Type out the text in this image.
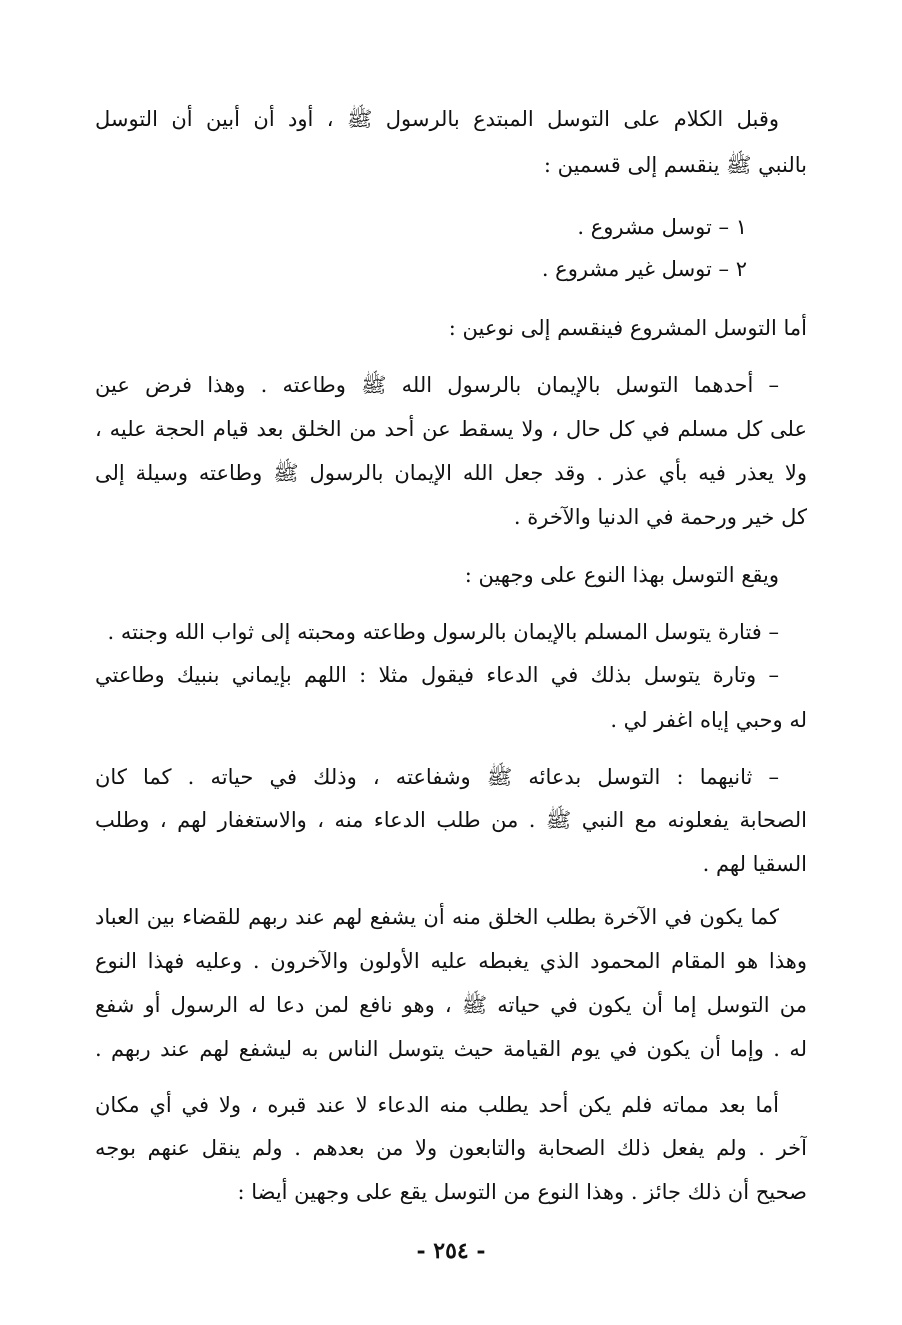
وقبل الكلام على التوسل المبتدع بالرسول ﷺ ، أود أن أبين أن التوسل
بالنبي ﷺ ينقسم إلى قسمين :
١ – توسل مشروع .
٢ – توسل غير مشروع .
أما التوسل المشروع فينقسم إلى نوعين :
– أحدهما التوسل بالإيمان بالرسول الله ﷺ وطاعته . وهذا فرض عين
على كل مسلم في كل حال ، ولا يسقط عن أحد من الخلق بعد قيام الحجة عليه ،
ولا يعذر فيه بأي عذر . وقد جعل الله الإيمان بالرسول ﷺ وطاعته وسيلة إلى
كل خير ورحمة في الدنيا والآخرة .
ويقع التوسل بهذا النوع على وجهين :
– فتارة يتوسل المسلم بالإيمان بالرسول وطاعته ومحبته إلى ثواب الله وجنته .
– وتارة يتوسل بذلك في الدعاء فيقول مثلا : اللهم بإيماني بنبيك وطاعتي
له وحبي إياه اغفر لي .
– ثانيهما : التوسل بدعائه ﷺ وشفاعته ، وذلك في حياته . كما كان
الصحابة يفعلونه مع النبي ﷺ . من طلب الدعاء منه ، والاستغفار لهم ، وطلب
السقيا لهم .
كما يكون في الآخرة بطلب الخلق منه أن يشفع لهم عند ربهم للقضاء بين العباد
وهذا هو المقام المحمود الذي يغبطه عليه الأولون والآخرون . وعليه فهذا النوع
من التوسل إما أن يكون في حياته ﷺ ، وهو نافع لمن دعا له الرسول أو شفع
له . وإما أن يكون في يوم القيامة حيث يتوسل الناس به ليشفع لهم عند ربهم .
أما بعد مماته فلم يكن أحد يطلب منه الدعاء لا عند قبره ، ولا في أي مكان
آخر . ولم يفعل ذلك الصحابة والتابعون ولا من بعدهم . ولم ينقل عنهم بوجه
صحيح أن ذلك جائز . وهذا النوع من التوسل يقع على وجهين أيضا :
- ٢٥٤ -
